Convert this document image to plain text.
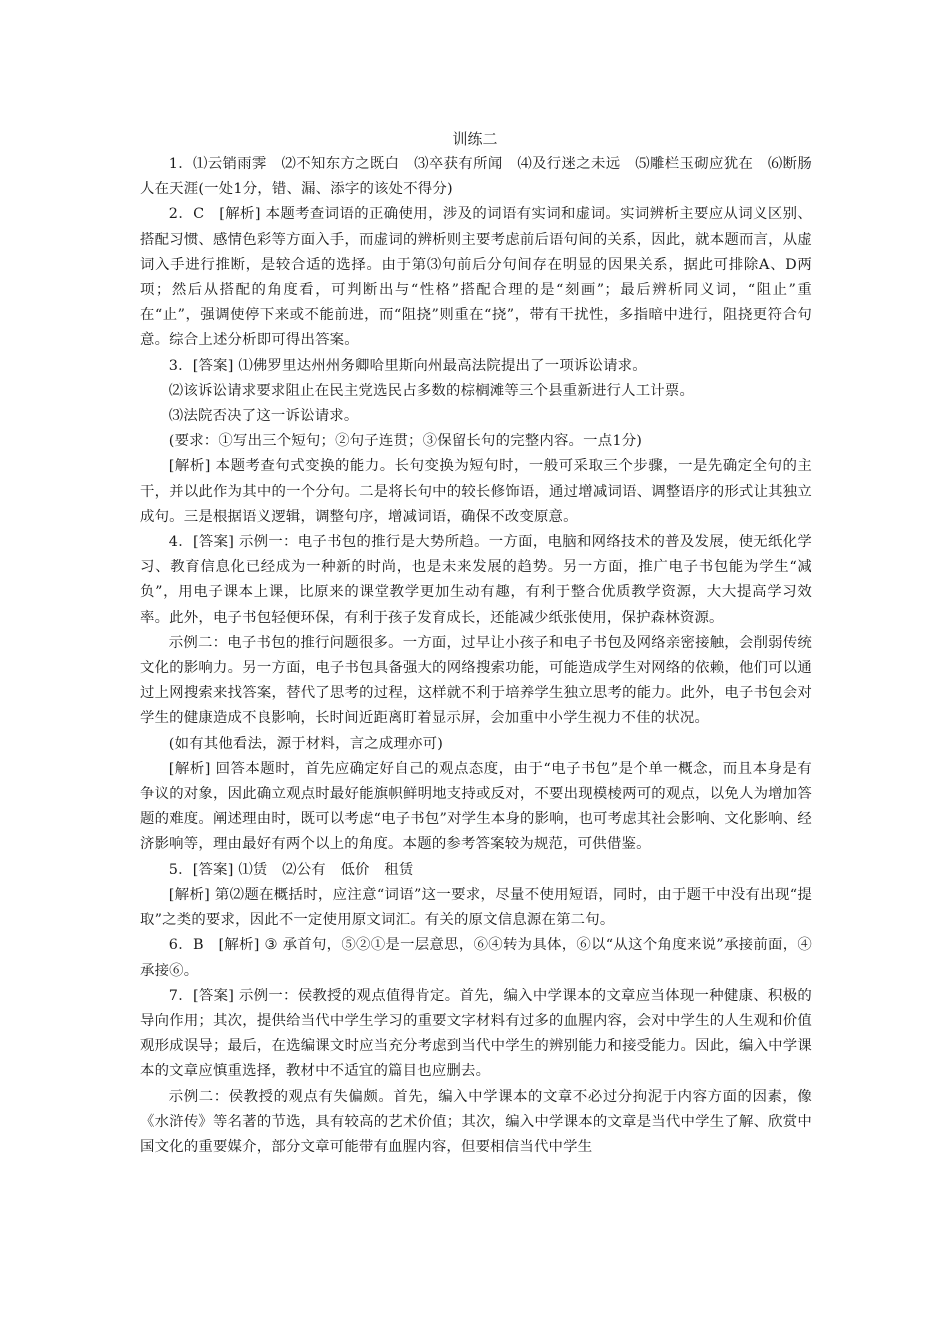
训练二

1．⑴云销雨霁　⑵不知东方之既白　⑶卒获有所闻　⑷及行迷之未远　⑸雕栏玉砌应犹在　⑹断肠人在天涯(一处1分，错、漏、添字的该处不得分)

2．C　[解析] 本题考查词语的正确使用，涉及的词语有实词和虚词。实词辨析主要应从词义区别、搭配习惯、感情色彩等方面入手，而虚词的辨析则主要考虑前后语句间的关系，因此，就本题而言，从虚词入手进行推断，是较合适的选择。由于第⑶句前后分句间存在明显的因果关系，据此可排除A、D两项；然后从搭配的角度看，可判断出与“性格”搭配合理的是“刻画”；最后辨析同义词，“阻止”重在“止”，强调使停下来或不能前进，而“阻挠”则重在“挠”，带有干扰性，多指暗中进行，阻挠更符合句意。综合上述分析即可得出答案。

3．[答案] ⑴佛罗里达州州务卿哈里斯向州最高法院提出了一项诉讼请求。

⑵该诉讼请求要求阻止在民主党选民占多数的棕榈滩等三个县重新进行人工计票。

⑶法院否决了这一诉讼请求。

(要求：①写出三个短句；②句子连贯；③保留长句的完整内容。一点1分)

[解析] 本题考查句式变换的能力。长句变换为短句时，一般可采取三个步骤，一是先确定全句的主干，并以此作为其中的一个分句。二是将长句中的较长修饰语，通过增减词语、调整语序的形式让其独立成句。三是根据语义逻辑，调整句序，增减词语，确保不改变原意。

4．[答案] 示例一：电子书包的推行是大势所趋。一方面，电脑和网络技术的普及发展，使无纸化学习、教育信息化已经成为一种新的时尚，也是未来发展的趋势。另一方面，推广电子书包能为学生“减负”，用电子课本上课，比原来的课堂教学更加生动有趣，有利于整合优质教学资源，大大提高学习效率。此外，电子书包轻便环保，有利于孩子发育成长，还能减少纸张使用，保护森林资源。

示例二：电子书包的推行问题很多。一方面，过早让小孩子和电子书包及网络亲密接触，会削弱传统文化的影响力。另一方面，电子书包具备强大的网络搜索功能，可能造成学生对网络的依赖，他们可以通过上网搜索来找答案，替代了思考的过程，这样就不利于培养学生独立思考的能力。此外，电子书包会对学生的健康造成不良影响，长时间近距离盯着显示屏，会加重中小学生视力不佳的状况。

(如有其他看法，源于材料，言之成理亦可)

[解析] 回答本题时，首先应确定好自己的观点态度，由于“电子书包”是个单一概念，而且本身是有争议的对象，因此确立观点时最好能旗帜鲜明地支持或反对，不要出现模棱两可的观点，以免人为增加答题的难度。阐述理由时，既可以考虑“电子书包”对学生本身的影响，也可考虑其社会影响、文化影响、经济影响等，理由最好有两个以上的角度。本题的参考答案较为规范，可供借鉴。

5．[答案] ⑴赁　⑵公有　低价　租赁

[解析] 第⑵题在概括时，应注意“词语”这一要求，尽量不使用短语，同时，由于题干中没有出现“提取”之类的要求，因此不一定使用原文词汇。有关的原文信息源在第二句。

6．B　[解析] ③ 承首句，⑤②①是一层意思，⑥④转为具体，⑥以“从这个角度来说”承接前面，④承接⑥。

7．[答案] 示例一：侯教授的观点值得肯定。首先，编入中学课本的文章应当体现一种健康、积极的导向作用；其次，提供给当代中学生学习的重要文字材料有过多的血腥内容，会对中学生的人生观和价值观形成误导；最后，在选编课文时应当充分考虑到当代中学生的辨别能力和接受能力。因此，编入中学课本的文章应慎重选择，教材中不适宜的篇目也应删去。

示例二：侯教授的观点有失偏颇。首先，编入中学课本的文章不必过分拘泥于内容方面的因素，像《水浒传》等名著的节选，具有较高的艺术价值；其次，编入中学课本的文章是当代中学生了解、欣赏中国文化的重要媒介，部分文章可能带有血腥内容，但要相信当代中学生
